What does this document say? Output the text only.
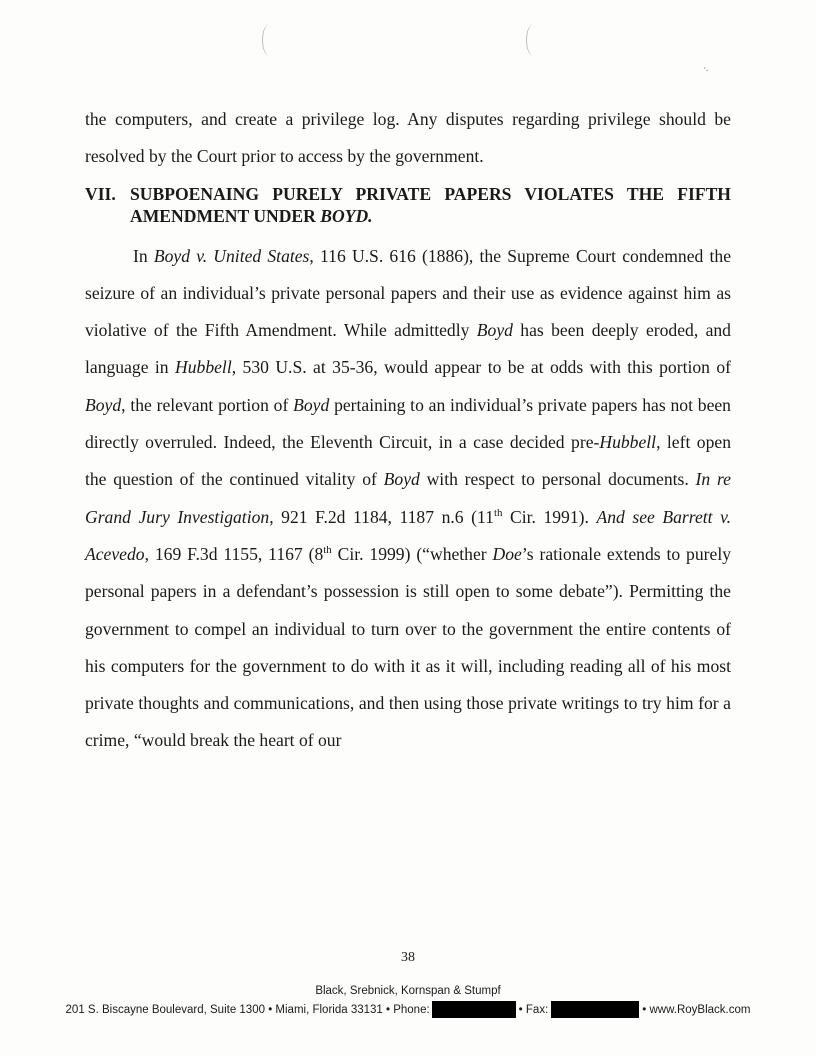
·.

the computers, and create a privilege log. Any disputes regarding privilege should be resolved by the Court prior to access by the government.

VII. SUBPOENAING PURELY PRIVATE PAPERS VIOLATES THE FIFTH AMENDMENT UNDER BOYD.

In Boyd v. United States, 116 U.S. 616 (1886), the Supreme Court condemned the seizure of an individual’s private personal papers and their use as evidence against him as violative of the Fifth Amendment. While admittedly Boyd has been deeply eroded, and language in Hubbell, 530 U.S. at 35-36, would appear to be at odds with this portion of Boyd, the relevant portion of Boyd pertaining to an individual’s private papers has not been directly overruled. Indeed, the Eleventh Circuit, in a case decided pre-Hubbell, left open the question of the continued vitality of Boyd with respect to personal documents. In re Grand Jury Investigation, 921 F.2d 1184, 1187 n.6 (11th Cir. 1991). And see Barrett v. Acevedo, 169 F.3d 1155, 1167 (8th Cir. 1999) (“whether Doe’s rationale extends to purely personal papers in a defendant’s possession is still open to some debate”). Permitting the government to compel an individual to turn over to the government the entire contents of his computers for the government to do with it as it will, including reading all of his most private thoughts and communications, and then using those private writings to try him for a crime, “would break the heart of our

38
Black, Srebnick, Kornspan & Stumpf
201 S. Biscayne Boulevard, Suite 1300 • Miami, Florida 33131 • Phone:	• Fax:	• www.RoyBlack.com
